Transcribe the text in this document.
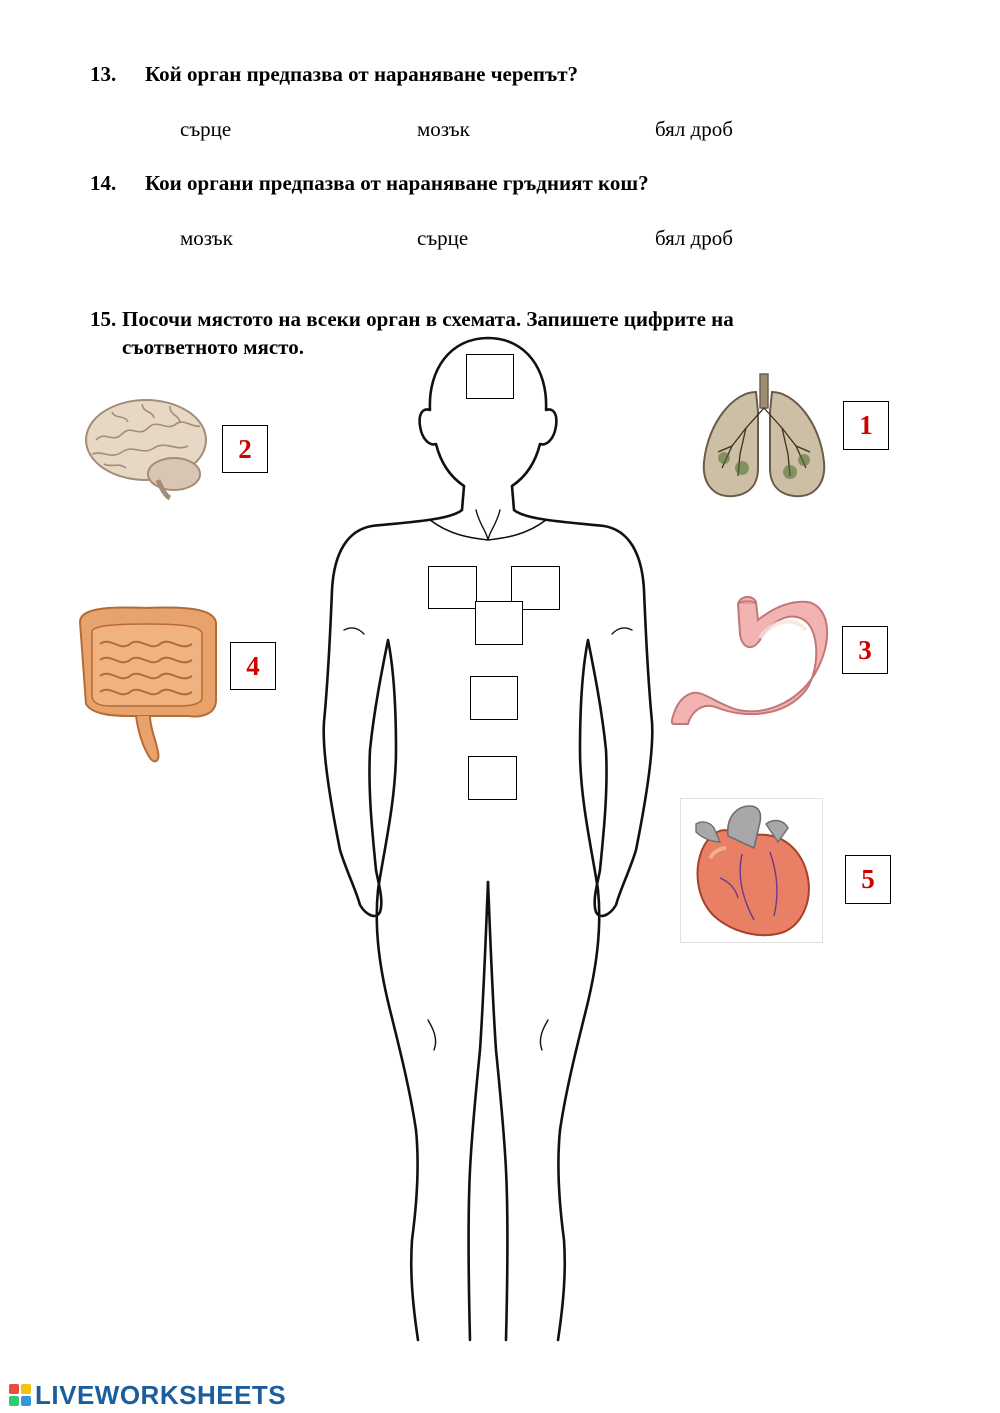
13. Кой орган предпазва от нараняване черепът?
сърце	мозък	бял дроб
14. Кои органи предпазва от нараняване гръдният кош?
мозък	сърце	бял дроб
15. Посочи мястото на всеки орган в схемата. Запишете цифрите на
съответното място.
2
1
4
3
5
LIVEWORKSHEETS
